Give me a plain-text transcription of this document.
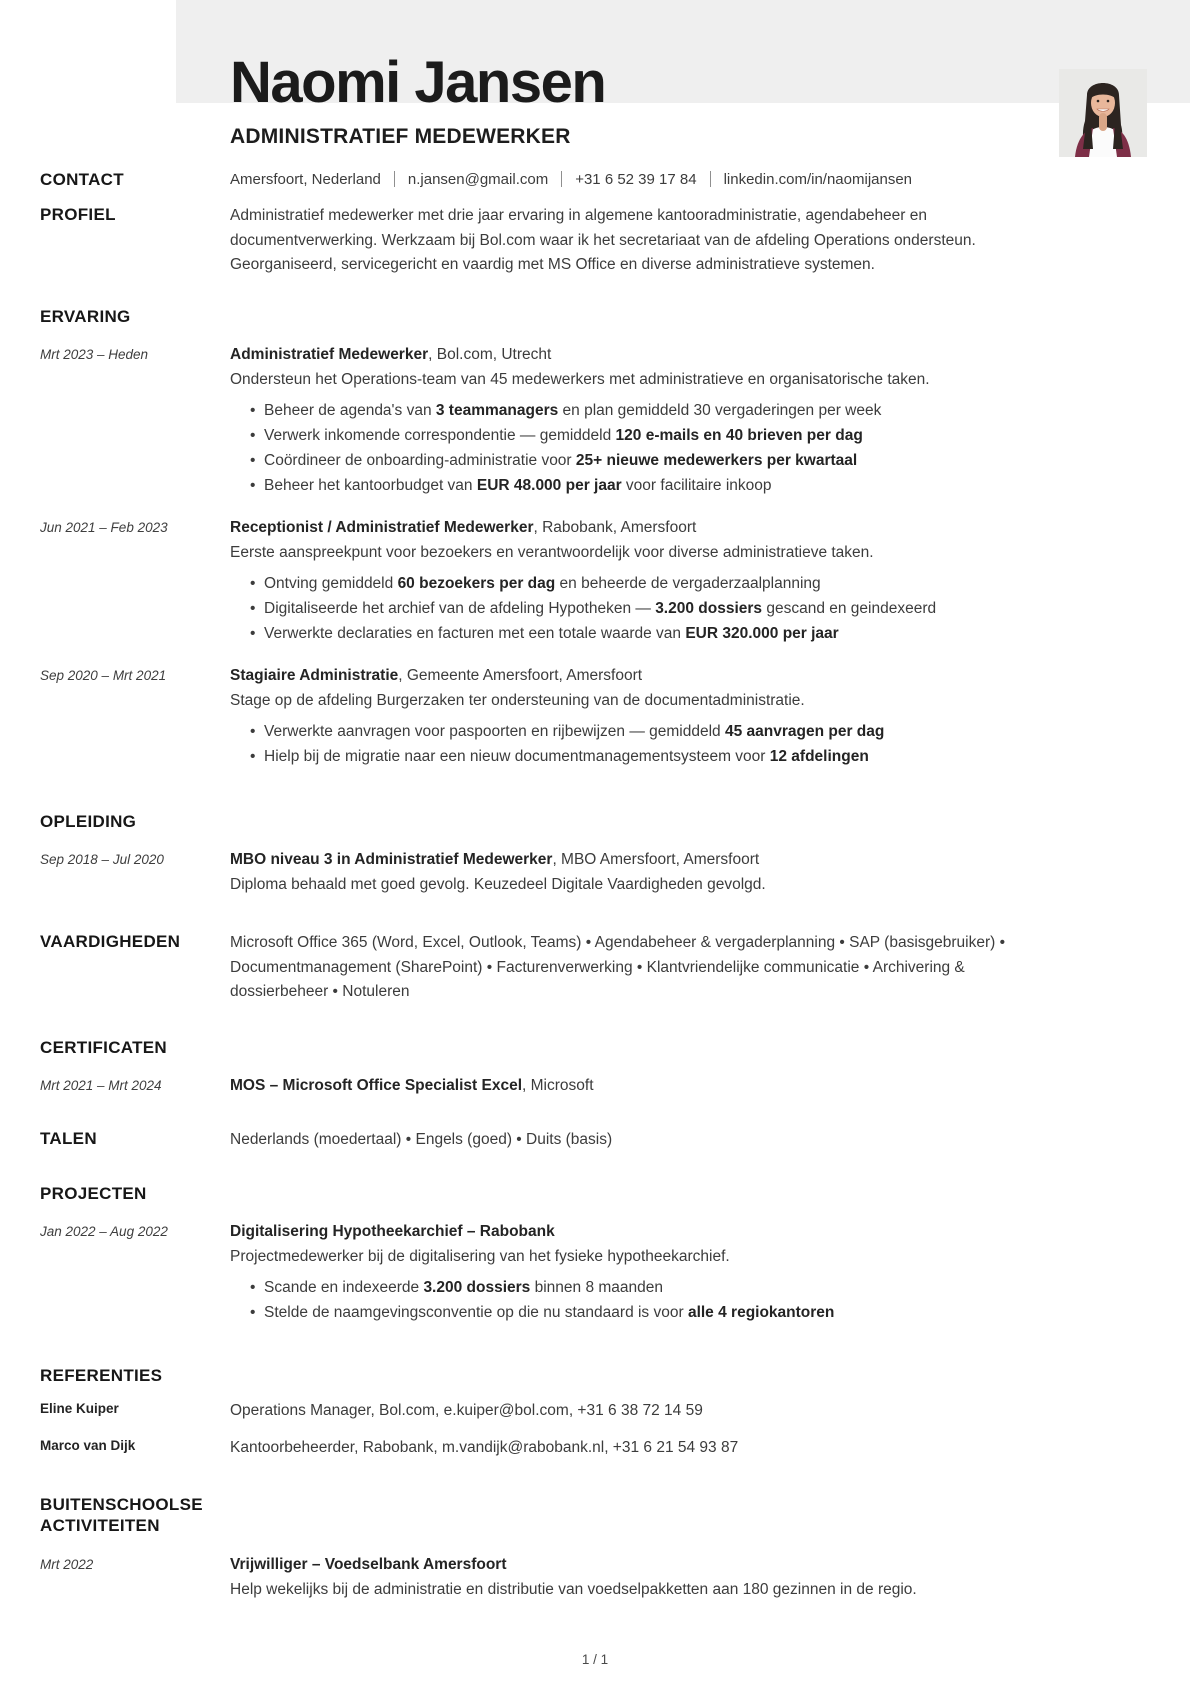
Naomi Jansen
ADMINISTRATIEF MEDEWERKER
CONTACT	Amersfoort, Nederland n.jansen@gmail.com +31 6 52 39 17 84 linkedin.com/in/naomijansen
PROFIEL	Administratief medewerker met drie jaar ervaring in algemene kantooradministratie, agendabeheer en documentverwerking. Werkzaam bij Bol.com waar ik het secretariaat van de afdeling Operations ondersteun. Georganiseerd, servicegericht en vaardig met MS Office en diverse administratieve systemen.

ERVARING
Mrt 2023 – Heden	Administratief Medewerker, Bol.com, Utrecht

Ondersteun het Operations-team van 45 medewerkers met administratieve en organisatorische taken.

• Beheer de agenda's van 3 teammanagers en plan gemiddeld 30 vergaderingen per week
• Verwerk inkomende correspondentie — gemiddeld 120 e-mails en 40 brieven per dag
• Coördineer de onboarding-administratie voor 25+ nieuwe medewerkers per kwartaal
• Beheer het kantoorbudget van EUR 48.000 per jaar voor facilitaire inkoop
Jun 2021 – Feb 2023	Receptionist / Administratief Medewerker, Rabobank, Amersfoort

Eerste aanspreekpunt voor bezoekers en verantwoordelijk voor diverse administratieve taken.

• Ontving gemiddeld 60 bezoekers per dag en beheerde de vergaderzaalplanning
• Digitaliseerde het archief van de afdeling Hypotheken — 3.200 dossiers gescand en geindexeerd
• Verwerkte declaraties en facturen met een totale waarde van EUR 320.000 per jaar
Sep 2020 – Mrt 2021	Stagiaire Administratie, Gemeente Amersfoort, Amersfoort

Stage op de afdeling Burgerzaken ter ondersteuning van de documentadministratie.

• Verwerkte aanvragen voor paspoorten en rijbewijzen — gemiddeld 45 aanvragen per dag
• Hielp bij de migratie naar een nieuw documentmanagementsysteem voor 12 afdelingen
OPLEIDING
Sep 2018 – Jul 2020	MBO niveau 3 in Administratief Medewerker, MBO Amersfoort, Amersfoort

Diploma behaald met goed gevolg. Keuzedeel Digitale Vaardigheden gevolgd.

VAARDIGHEDEN	Microsoft Office 365 (Word, Excel, Outlook, Teams) • Agendabeheer & vergaderplanning • SAP (basisgebruiker) • Documentmanagement (SharePoint) • Facturenverwerking • Klantvriendelijke communicatie • Archivering & dossierbeheer • Notuleren

CERTIFICATEN
Mrt 2021 – Mrt 2024	MOS – Microsoft Office Specialist Excel, Microsoft

TALEN	Nederlands (moedertaal) • Engels (goed) • Duits (basis)

PROJECTEN
Jan 2022 – Aug 2022	Digitalisering Hypotheekarchief – Rabobank

Projectmedewerker bij de digitalisering van het fysieke hypotheekarchief.

• Scande en indexeerde 3.200 dossiers binnen 8 maanden
• Stelde de naamgevingsconventie op die nu standaard is voor alle 4 regiokantoren
REFERENTIES
Eline Kuiper	Operations Manager, Bol.com, e.kuiper@bol.com, +31 6 38 72 14 59

Marco van Dijk	Kantoorbeheerder, Rabobank, m.vandijk@rabobank.nl, +31 6 21 54 93 87

BUITENSCHOOLSE ACTIVITEITEN
Mrt 2022	Vrijwilliger – Voedselbank Amersfoort

Help wekelijks bij de administratie en distributie van voedselpakketten aan 180 gezinnen in de regio.

1 / 1
